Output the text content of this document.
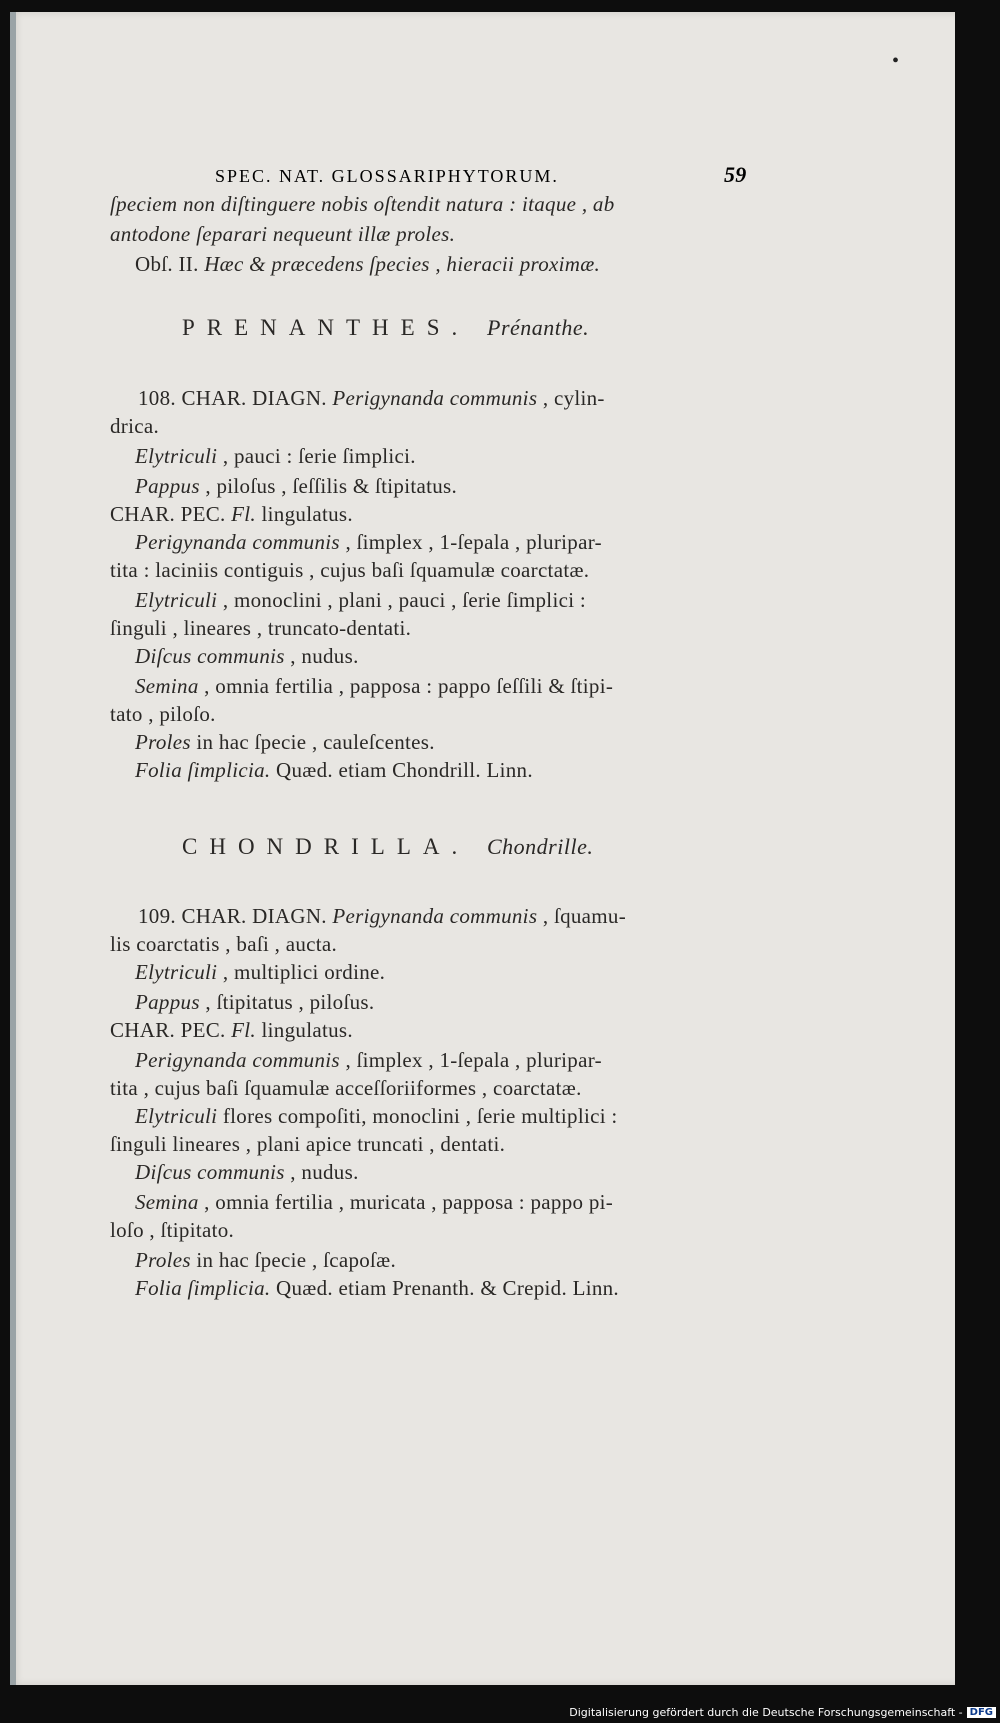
•
SPEC. NAT. GLOSSARIPHYTORUM.	59
ſpeciem non diſtinguere nobis oſtendit natura : itaque , ab
antodone ſeparari nequeunt illæ proles.
Obſ. II. Hæc & præcedens ſpecies , hieracii proximæ.
PRENANTHES. Prénanthe.
108. CHAR. DIAGN. Perigynanda communis , cylin-
drica.
Elytriculi , pauci : ſerie ſimplici.
Pappus , piloſus , ſeſſilis & ſtipitatus.
CHAR. PEC. Fl. lingulatus.
Perigynanda communis , ſimplex , 1-ſepala , pluripar-
tita : laciniis contiguis , cujus baſi ſquamulæ coarctatæ.
Elytriculi , monoclini , plani , pauci , ſerie ſimplici :
ſinguli , lineares , truncato-dentati.
Diſcus communis , nudus.
Semina , omnia fertilia , papposa : pappo ſeſſili & ſtipi-
tato , piloſo.
Proles in hac ſpecie , cauleſcentes.
Folia ſimplicia. Quæd. etiam Chondrill. Linn.
CHONDRILLA. Chondrille.
109. CHAR. DIAGN. Perigynanda communis , ſquamu-
lis coarctatis , baſi , aucta.
Elytriculi , multiplici ordine.
Pappus , ſtipitatus , piloſus.
CHAR. PEC. Fl. lingulatus.
Perigynanda communis , ſimplex , 1-ſepala , pluripar-
tita , cujus baſi ſquamulæ acceſſoriiformes , coarctatæ.
Elytriculi flores compoſiti, monoclini , ſerie multiplici :
ſinguli lineares , plani apice truncati , dentati.
Diſcus communis , nudus.
Semina , omnia fertilia , muricata , papposa : pappo pi-
loſo , ſtipitato.
Proles in hac ſpecie , ſcapoſæ.
Folia ſimplicia. Quæd. etiam Prenanth. & Crepid. Linn.
Digitalisierung gefördert durch die Deutsche Forschungsgemeinschaft - DFG
